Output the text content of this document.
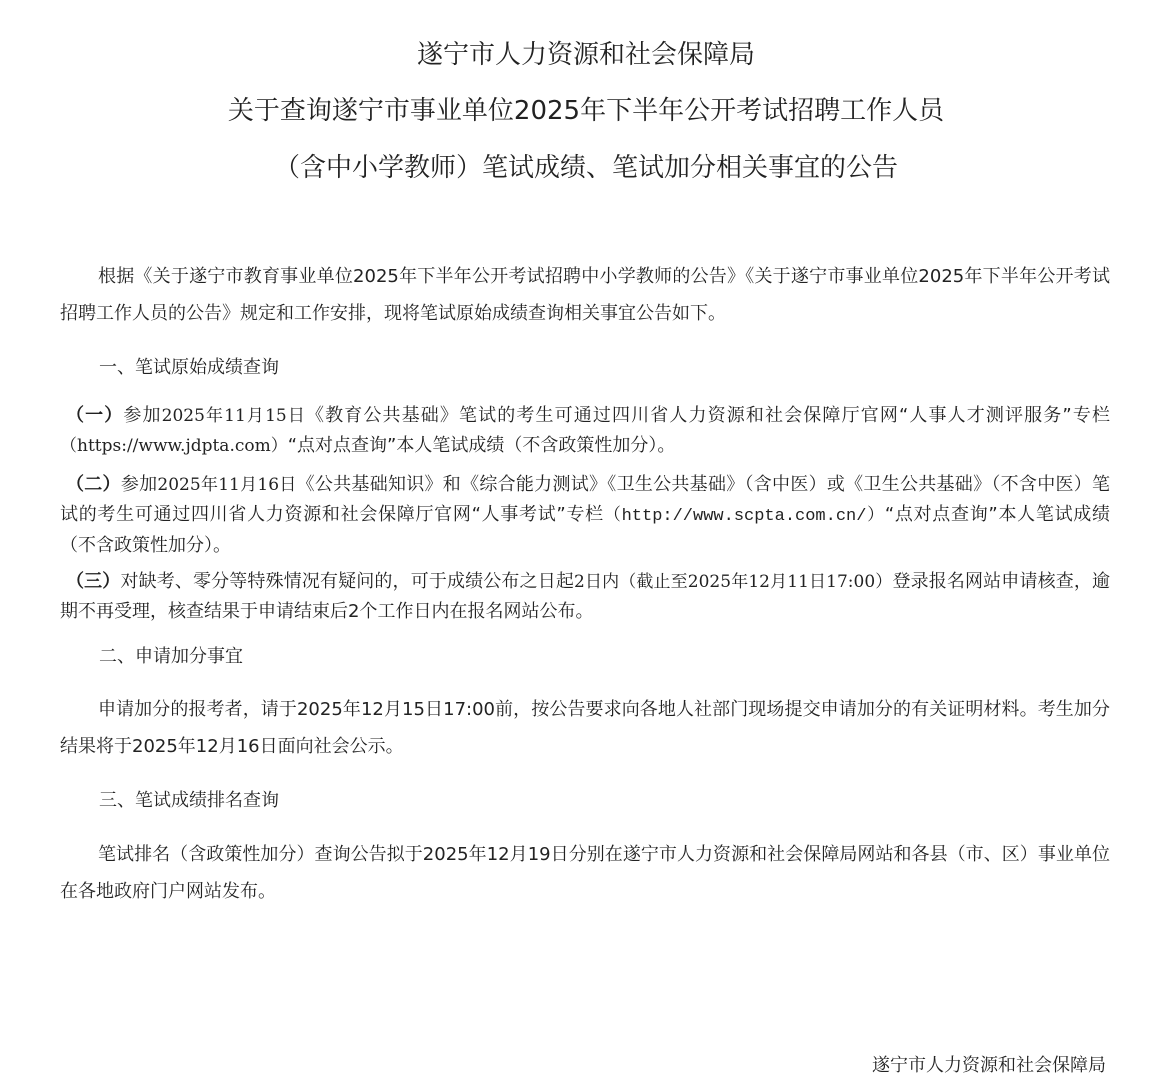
遂宁市人力资源和社会保障局
关于查询遂宁市事业单位2025年下半年公开考试招聘工作人员
（含中小学教师）笔试成绩、笔试加分相关事宜的公告
根据《关于遂宁市教育事业单位2025年下半年公开考试招聘中小学教师的公告》《关于遂宁市事业单位2025年下半年公开考试招聘工作人员的公告》规定和工作安排，现将笔试原始成绩查询相关事宜公告如下。
一、笔试原始成绩查询
（一）参加2025年11月15日《教育公共基础》笔试的考生可通过四川省人力资源和社会保障厅官网“人事人才测评服务”专栏（https://www.jdpta.com）“点对点查询”本人笔试成绩（不含政策性加分）。
（二）参加2025年11月16日《公共基础知识》和《综合能力测试》《卫生公共基础》（含中医）或《卫生公共基础》（不含中医）笔试的考生可通过四川省人力资源和社会保障厅官网“人事考试”专栏（http://www.scpta.com.cn/）“点对点查询”本人笔试成绩（不含政策性加分）。
（三）对缺考、零分等特殊情况有疑问的，可于成绩公布之日起2日内（截止至2025年12月11日17:00）登录报名网站申请核查，逾期不再受理，核查结果于申请结束后2个工作日内在报名网站公布。
二、申请加分事宜
申请加分的报考者，请于2025年12月15日17:00前，按公告要求向各地人社部门现场提交申请加分的有关证明材料。考生加分结果将于2025年12月16日面向社会公示。
三、笔试成绩排名查询
笔试排名（含政策性加分）查询公告拟于2025年12月19日分别在遂宁市人力资源和社会保障局网站和各县（市、区）事业单位在各地政府门户网站发布。
遂宁市人力资源和社会保障局
